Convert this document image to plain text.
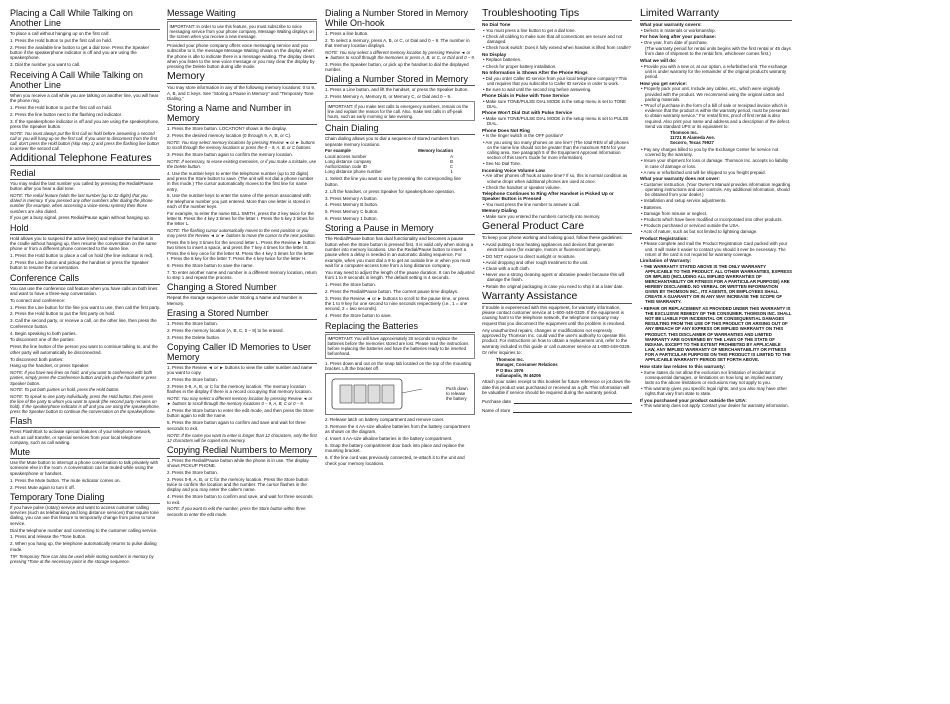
Placing a Call While Talking on Another Line
To place a call without hanging up on the first call:
1. Press the Hold button to put the first call on hold.
2. Press the available line button to get a dial tone. Press the Speaker button if the speakerphone indicator is off and you are using the speakerphone.
3. Dial the number you want to call.
Receiving A Call While Talking on Another Line
When you receive a call while you are talking on another line, you will hear the phone ring.
1. Press the Hold button to put the first call on hold.
2. Press the line button next to the flashing red indicator.
3. If the speakerphone indicator is off and you are using the speakerphone, press the Speaker button.
NOTE: You must always put the first call on hold before answering a second call or you will hang up on the first call. If you want to disconnect from the first call, don't press the Hold button (skip step 1) and press the flashing line button to answer the second call.
Additional Telephone Features
Redial
You may redial the last number you called by pressing the Redial/Pause button after you hear a dial tone.
NOTE: The redial feature holds the last number (up to 32 digits) that you dialed in memory. If you pressed any other numbers after dialing the phone number (for example, when accessing a voice-menu system) then those numbers are also dialed.
If you get a busy signal, press Redial/Pause again without hanging up.
Hold
Hold allows you to suspend the active line(s) and replace the handset in the cradle without hanging up, then resume the conversation on the same phone or from a different phone connected to the same line.
1. Press the Hold button to place a call on hold (the line indicator is red).
2. Press the Line button and pickup the handset or press the Speaker button to resume the conversation.
Conference Calls
You can use the conference call feature when you have calls on both lines and want to have a three-way conversation.
To connect and conference:
1. Press the Line button for the line you want to use, then call the first party.
2. Press the Hold button to put the first party on hold.
3. Call the second party, or receive a call, on the other line, then press the Conference button.
4. Begin speaking to both parties.
To disconnect one of the parties:
Press the line button of the person you want to continue talking to, and the other party will automatically be disconnected.
To disconnect both parties:
Hang up the handset, or press Speaker.
NOTE: If you have two lines on hold, and you want to conference with both parties, simply press the Conference button and pick up the handset or press Speaker button.
NOTE: To put both parties on hold, press the Hold button.
NOTE: To speak to one party individually, press the Hold button, then press the line of the party to whom you want to speak (the second party remains on hold). If the speakerphone indicator is off and you are using the speakerphone, press the Speaker button to continue the conversation on the speakerphone.
Flash
Press Flash/Exit to activate special features of your telephone network, such as call transfer, or special services from your local telephone company, such as call waiting.
Mute
Use the Mute button to interrupt a phone conversation to talk privately with someone else in the room. A conversation can be muted while using the speakerphone or handset.
1. Press the Mute button. The mute indicator comes on.
2. Press Mute again to turn it off.
Temporary Tone Dialing
If you have pulse (rotary) service and want to access customer calling services (such as telebanking and long distance services) that require tone dialing, you can use this feature to temporarily change from pulse to tone service.
Dial the telephone number and connecting to the customer calling service.
1. Press and release the *Tone button.
2. When you hang up, the telephone automatically returns to pulse dialing mode.
TIP: Temporary Tone can also be used while storing numbers in memory by pressing *Tone at the necessary point in the storage sequence.
Message Waiting
IMPORTANT: In order to use this feature, you must subscribe to voice messaging service from your phone company. Message Waiting displays on the screen when you receive a new message.
Provided your phone company offers voice messaging service and you subscribe to it, the message Message Waiting shows on the display when the phone is idle to indicate there is a message waiting. The display clears when you listen to the new voice message or you may clear the display by pressing the Delete button during idle mode.
Memory
You may store information in any of the following memory locations: 0 to 9, A, B, and C keys. See "Storing a Pause in Memory" and "Temporary Tone Dialing."
Storing a Name and Number in Memory
1. Press the Store button. LOCATION? shows in the display.
2. Press the desired memory location (0 through 9, A, B, or C).
NOTE: You may select memory locations by pressing Review ◄ or ► buttons to scroll through the memory locations or press the 0 – 9, A, B, or C buttons.
3. Press the Store button again to confirm the memory location.
NOTE: If necessary, to erase existing memories, or if you make a mistake, use the Delete button.
4. Use the number keys to enter the telephone number (up to 32 digits) and press the Store button to save. (The unit will not dial a phone number in this mode.) The cursor automatically moves to the first line for name entry.
5. Use the number keys to enter the name of the person associated with the telephone number you just entered. More than one letter is stored in each of the number keys.
For example, to enter the name BILL SMITH, press the 2 key twice for the letter B. Press the 4 key 3 times for the letter I. Press the 5 key 3 times for the letter L.
NOTE: The flashing cursor automatically moves to the next position or you may press the Review ◄ or ► buttons to move the cursor to the next position.
Press the 5 key 3 times for the second letter L. Press the Review ► button two times to insert a space, and press the 7 key 4 times for the letter S. Press the 6 key once for the letter M. Press the 4 key 3 times for the letter I. Press the 8 key for the letter T. Press the 4 key twice for the letter H.
6. Press the Store button to save the name.
7. To enter another name and number in a different memory location, return to step 1 and repeat the process.
Changing a Stored Number
Repeat the storage sequence under Storing a Name and Number in Memory.
Erasing a Stored Number
1. Press the Store button.
2. Press the memory location (A, B, C, 0 – 9) to be erased.
3. Press the Delete button.
Copying Caller ID Memories to User Memory
1. Press the Review ◄ or ► buttons to view the caller number and name you want to copy.
2. Press the Store button.
3. Press 0-9, A, B, or C for the memory location. The memory location flashes in the display if there is a record occupying that memory location.
NOTE: You may select a different memory location by pressing Review ◄ or ► buttons to scroll through the memory locations 0 – 9, A, B, C or 0 – 9.
4. Press the Store button to enter the edit mode, and then press the Store button again to edit the name.
5. Press the Store button again to confirm and save and wait for three seconds to exit.
NOTE: If the name you want to enter is longer than 12 characters, only the first 12 characters will be copied into memory.
Copying Redial Numbers to Memory
1. Press the Redial/Pause button while the phone is in use. The display shows PICKUP PHONE.
2. Press the Store button.
3. Press 0-9, A, B, or C for the memory location. Press the Store button twice to confirm the location and the number. The cursor flashes in the display and you may enter the caller's name.
4. Press the Store button to confirm and save, and wait for three seconds to exit.
NOTE: If you want to edit the number, press the Store button within three seconds to enter the edit mode.
Dialing a Number Stored in Memory While On-hook
1. Press a line button.
2. To select a memory, press A, B, or C, or Dial and 0 – 9. The number in that memory location displays.
NOTE: You may select a different memory location by pressing Review ◄ or ► buttons to scroll through the memories or press A, B, or C, or Dial and 0 – 9.
3. Press the Speaker button, or pick up the handset to dial the displayed number.
Dialing a Number Stored in Memory
1. Press a Line button, and lift the handset, or press the Speaker button.
2. Press Memory A, Memory B, or Memory C, or Dial and 0 – 9.
IMPORTANT: If you make test calls to emergency numbers, remain on the line and explain the reason for the call. Also, make test calls in off-peak hours, such as early morning or late evening.
Chain Dialing
Chain dialing allows you to dial a sequence of stored numbers from separate memory locations.
For example	Memory location
Local access number	A
Long distance company	B
Authorization code ID	C
Long distance phone number	1
1. Select the line you want to use by pressing the corresponding line button.
2. Lift the handset, or press Speaker for speakerphone operation.
3. Press Memory A button.
4. Press Memory B button.
5. Press Memory C button.
6. Press Memory 1 button.
Storing a Pause in Memory
The Redial/Pause button has dual functionality and becomes a pause button when the Store button is pressed first. It is valid only when storing a number into memory locations. Use the Redial/Pause button to insert a pause when a delay is needed in an automatic dialing sequence. For example, when you must dial a 9 to get an outside line or when you must wait for a computer-access tone from a long distance company.
You may need to adjust the length of the pause duration. It can be adjusted from 1 to 9 seconds in length. The default setting is 4 seconds.
1. Press the Store button.
2. Press the Redial/Pause button. The current pause time displays.
3. Press the Review ◄ or ► buttons to scroll to the pause time, or press the 1 to 9 key for one second to nine seconds respectively (i.e., 1 = one second, 2 = two seconds).
4. Press the Store button to save.
Replacing the Batteries
IMPORTANT: You will have approximately 30 seconds to replace the batteries before the memories stored are lost. Please read the instructions before replacing the batteries and have the batteries ready to be inserted beforehand.
1. Press down and out on the snap tab located on the top of the mounting bracket. Lift the bracket off.
Push down to release the battery
2. Release latch on battery compartment and remove cover.
3. Remove the 4 AA-size alkaline batteries from the battery compartment as shown on the diagram.
4. Insert 4 AA-size alkaline batteries in the battery compartment.
5. Snap the battery compartment door back into place and replace the mounting bracket.
6. If the line cord was previously connected, re-attach it to the unit and check your memory locations.
Troubleshooting Tips
No Dial Tone
• You must press a line button to get a dial tone.
• Check all cabling to make sure that all connections are secure and not damaged.
• Check hook switch: Does it fully extend when handset is lifted from cradle?
No Display
• Replace batteries.
• Check for proper battery installation.
No Information is Shown After the Phone Rings
• Did you order Caller ID service from your local telephone company? This unit requires that you subscribe to Caller ID service in order to work.
• Be sure to wait until the second ring before answering.
Phone Dials in Pulse with Tone Service
• Make sure TONE/PULSE DIAL MODE in the setup menu is set to TONE DIAL.
Phone Won't Dial Out with Pulse Service
• Make sure TONE/PULSE DIAL MODE in the setup menu is set to PULSE DIAL.
Phone Does Not Ring
• Is the ringer switch in the OFF position?
• Are you using too many phones on one line? (The total REN of all phones on the same line should not be greater than the maximum REN for your calling area. See paragraph 5 of the Equipment Approval Information section of this User's Guide for more information).
• See No Dial Tone.
Incoming Voice Volume Low
• Are other phones off hook at same time? If so, this is normal condition as volume drops when additional phones are used at once.
• Check the handset or speaker volume.
Telephone Continues to Ring After Handset is Picked Up or Speaker Button is Pressed
• You must press the line number to answer a call.
Memory Dialing
• Make sure you entered the numbers correctly into memory.
General Product Care
To keep your phone working and looking good, follow these guidelines:
• Avoid putting it near heating appliances and devices that generate electrical noise (for example, motors or fluorescent lamps).
• DO NOT expose to direct sunlight or moisture.
• Avoid dropping and other rough treatment to the unit.
• Clean with a soft cloth.
• Never use a strong cleaning agent or abrasive powder because this will damage the finish.
• Retain the original packaging in case you need to ship it at a later date.
Warranty Assistance
If trouble is experienced with this equipment, for warranty information, please contact customer service at 1-800-448-0329. If the equipment is causing harm to the telephone network, the telephone company may request that you disconnect the equipment until the problem is resolved.
Any unauthorized repairs, changes or modifications not expressly approved by Thomson Inc. could void the user's authority to operate this product. For instructions on how to obtain a replacement unit, refer to the warranty included in this guide or call customer service at 1-800-448-0329.
Or refer inquiries to:
Thomson Inc.
Manager, Consumer Relations
P O Box 1976
Indianapolis, IN 46206
Attach your sales receipt to this booklet for future reference or jot down the date this product was purchased or received as a gift. This information will be valuable if service should be required during the warranty period.
Purchase date
Name of store
Limited Warranty
What your warranty covers:
• Defects in materials or workmanship.
For how long after your purchase:
• One year, from date of purchase.
(The warranty period for rental units begins with the first rental or 45 days from date of shipment to the rental firm, whichever comes first.)
What we will do:
• Provide you with a new or, at our option, a refurbished unit. The exchange unit is under warranty for the remainder of the original product's warranty period.
How you get service:
• Properly pack your unit. Include any cables, etc., which were originally provided with the product. We recommend using the original carton and packing materials.
• "Proof of purchase in the form of a bill of sale or receipted invoice which is evidence that the product is within the warranty period, must be presented to obtain warranty service." For rental firms, proof of first rental is also required. Also print your name and address and a description of the defect. Send via standard UPS or its equivalent to:
Thomson Inc.
11721 B Alameda Ave.
Socorro, Texas 79927
• Pay any charges billed to you by the Exchange Center for service not covered by the warranty.
• Insure your shipment for loss or damage. Thomson Inc. accepts no liability in case of damage or loss.
• A new or refurbished unit will be shipped to you freight prepaid.
What your warranty does not cover:
• Customer instruction. (Your Owner's Manual provides information regarding operating instructions and user controls. Any additional information, should be obtained from your dealer.)
• Installation and setup service adjustments.
• Batteries.
• Damage from misuse or neglect.
• Products which have been modified or incorporated into other products.
• Products purchased or serviced outside the USA.
• Acts of nature, such as but not limited to lightning damage.
Product Registration:
• Please complete and mail the Product Registration Card packed with your unit. It will make it easier to contact you should it ever be necessary. The return of the card is not required for warranty coverage.
Limitation of Warranty:
• THE WARRANTY STATED ABOVE IS THE ONLY WARRANTY APPLICABLE TO THIS PRODUCT. ALL OTHER WARRANTIES, EXPRESS OR IMPLIED (INCLUDING ALL IMPLIED WARRANTIES OF MERCHANTABILITY OR FITNESS FOR A PARTICULAR PURPOSE) ARE HEREBY DISCLAIMED. NO VERBAL OR WRITTEN INFORMATION GIVEN BY THOMSON INC., ITS AGENTS, OR EMPLOYEES SHALL CREATE A GUARANTY OR IN ANY WAY INCREASE THE SCOPE OF THIS WARRANTY.
• REPAIR OR REPLACEMENT AS PROVIDED UNDER THIS WARRANTY IS THE EXCLUSIVE REMEDY OF THE CONSUMER. THOMSON INC. SHALL NOT BE LIABLE FOR INCIDENTAL OR CONSEQUENTIAL DAMAGES RESULTING FROM THE USE OF THIS PRODUCT OR ARISING OUT OF ANY BREACH OF ANY EXPRESS OR IMPLIED WARRANTY ON THIS PRODUCT. THIS DISCLAIMER OF WARRANTIES AND LIMITED WARRANTY ARE GOVERNED BY THE LAWS OF THE STATE OF INDIANA. EXCEPT TO THE EXTENT PROHIBITED BY APPLICABLE LAW, ANY IMPLIED WARRANTY OF MERCHANTABILITY OR FITNESS FOR A PARTICULAR PURPOSE ON THIS PRODUCT IS LIMITED TO THE APPLICABLE WARRANTY PERIOD SET FORTH ABOVE.
How state law relates to this warranty:
• Some states do not allow the exclusion nor limitation of incidental or consequential damages, or limitations on how long an implied warranty lasts so the above limitations or exclusions may not apply to you.
• This warranty gives you specific legal rights, and you also may have other rights that vary from state to state.
If you purchased your product outside the USA:
• This warranty does not apply. Contact your dealer for warranty information.
